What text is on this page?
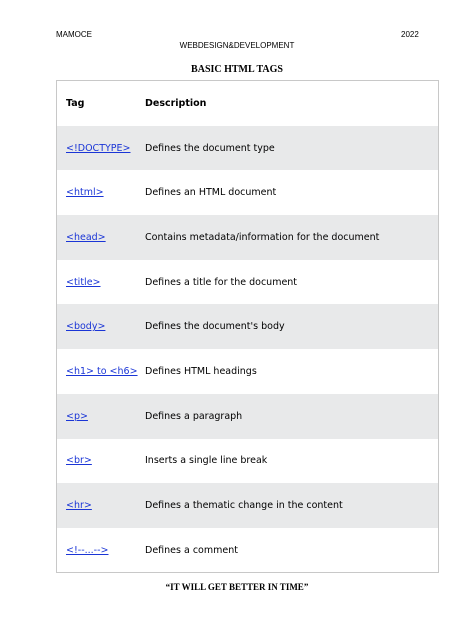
MAMOCE	2022
WEBDESIGN&DEVELOPMENT
BASIC HTML TAGS
Tag	Description
<!DOCTYPE>	Defines the document type
<html>	Defines an HTML document
<head>	Contains metadata/information for the document
<title>	Defines a title for the document
<body>	Defines the document's body
<h1> to <h6> Defines HTML headings
<p>	Defines a paragraph
<br>	Inserts a single line break
<hr>	Defines a thematic change in the content
<!--...-->	Defines a comment
“IT WILL GET BETTER IN TIME”
